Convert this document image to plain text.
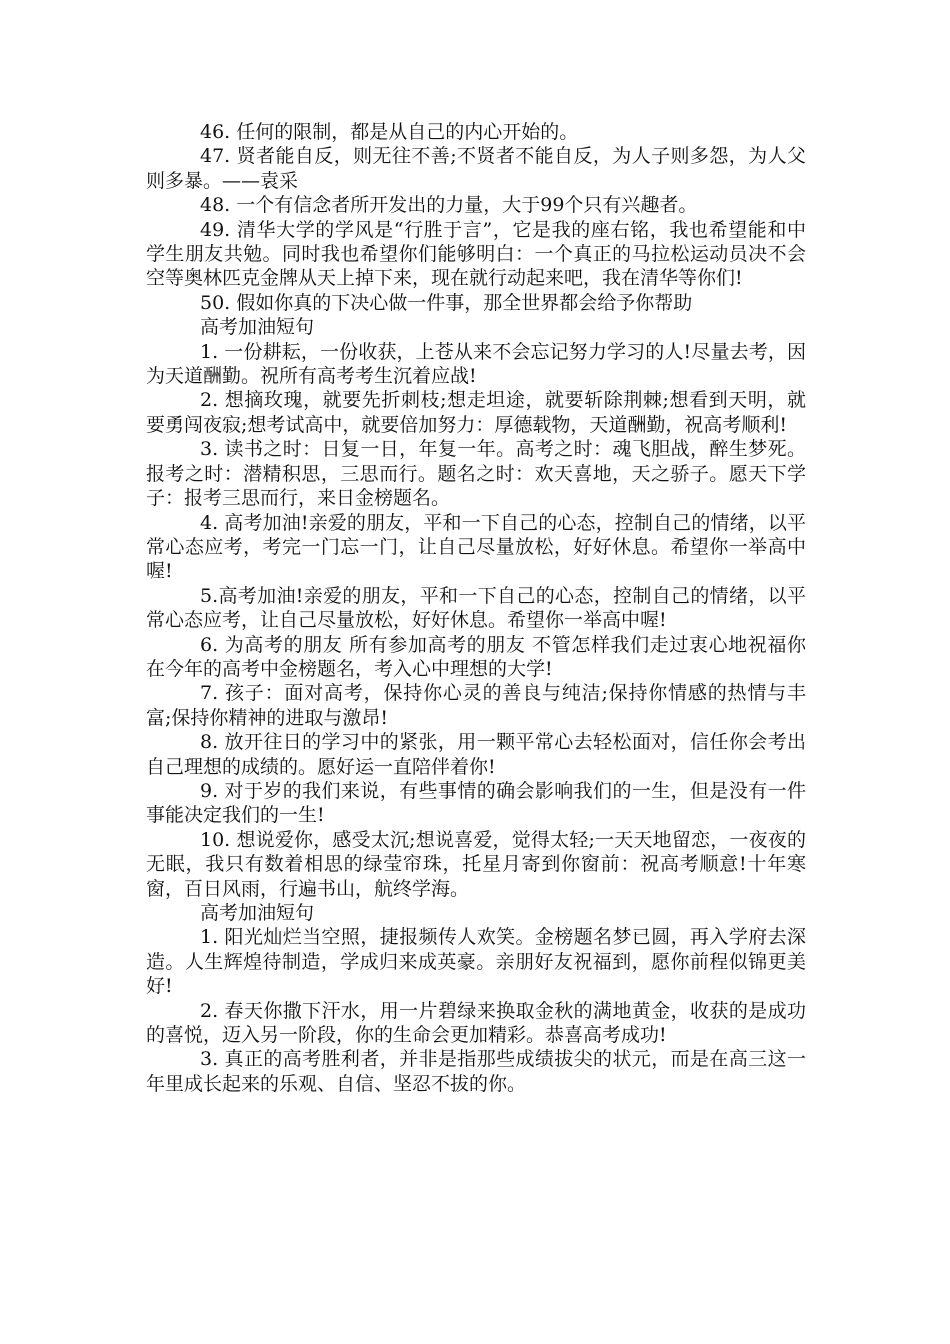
46. 任何的限制，都是从自己的内心开始的。

47. 贤者能自反，则无往不善;不贤者不能自反，为人子则多怨，为人父则多暴。——袁采

48. 一个有信念者所开发出的力量，大于99个只有兴趣者。

49. 清华大学的学风是“行胜于言”，它是我的座右铭，我也希望能和中学生朋友共勉。同时我也希望你们能够明白：一个真正的马拉松运动员决不会空等奥林匹克金牌从天上掉下来，现在就行动起来吧，我在清华等你们!

50. 假如你真的下决心做一件事，那全世界都会给予你帮助

高考加油短句

1. 一份耕耘，一份收获，上苍从来不会忘记努力学习的人!尽量去考，因为天道酬勤。祝所有高考考生沉着应战!

2. 想摘玫瑰，就要先折刺枝;想走坦途，就要斩除荆棘;想看到天明，就要勇闯夜寂;想考试高中，就要倍加努力：厚德载物，天道酬勤，祝高考顺利!

3. 读书之时：日复一日，年复一年。高考之时：魂飞胆战，醉生梦死。报考之时：潜精积思，三思而行。题名之时：欢天喜地，天之骄子。愿天下学子：报考三思而行，来日金榜题名。

4. 高考加油!亲爱的朋友，平和一下自己的心态，控制自己的情绪，以平常心态应考，考完一门忘一门，让自己尽量放松，好好休息。希望你一举高中喔!

5.高考加油!亲爱的朋友，平和一下自己的心态，控制自己的情绪，以平常心态应考，让自己尽量放松，好好休息。希望你一举高中喔!

6. 为高考的朋友 所有参加高考的朋友 不管怎样我们走过衷心地祝福你在今年的高考中金榜题名，考入心中理想的大学!

7. 孩子：面对高考，保持你心灵的善良与纯洁;保持你情感的热情与丰富;保持你精神的进取与激昂!

8. 放开往日的学习中的紧张，用一颗平常心去轻松面对，信任你会考出自己理想的成绩的。愿好运一直陪伴着你!

9. 对于岁的我们来说，有些事情的确会影响我们的一生，但是没有一件事能决定我们的一生!

10. 想说爱你，感受太沉;想说喜爱，觉得太轻;一天天地留恋，一夜夜的无眠，我只有数着相思的绿莹帘珠，托星月寄到你窗前：祝高考顺意!十年寒窗，百日风雨，行遍书山，航终学海。

高考加油短句

1. 阳光灿烂当空照，捷报频传人欢笑。金榜题名梦已圆，再入学府去深造。人生辉煌待制造，学成归来成英豪。亲朋好友祝福到，愿你前程似锦更美好!

2. 春天你撒下汗水，用一片碧绿来换取金秋的满地黄金，收获的是成功的喜悦，迈入另一阶段，你的生命会更加精彩。恭喜高考成功!

3. 真正的高考胜利者，并非是指那些成绩拔尖的状元，而是在高三这一年里成长起来的乐观、自信、坚忍不拔的你。
